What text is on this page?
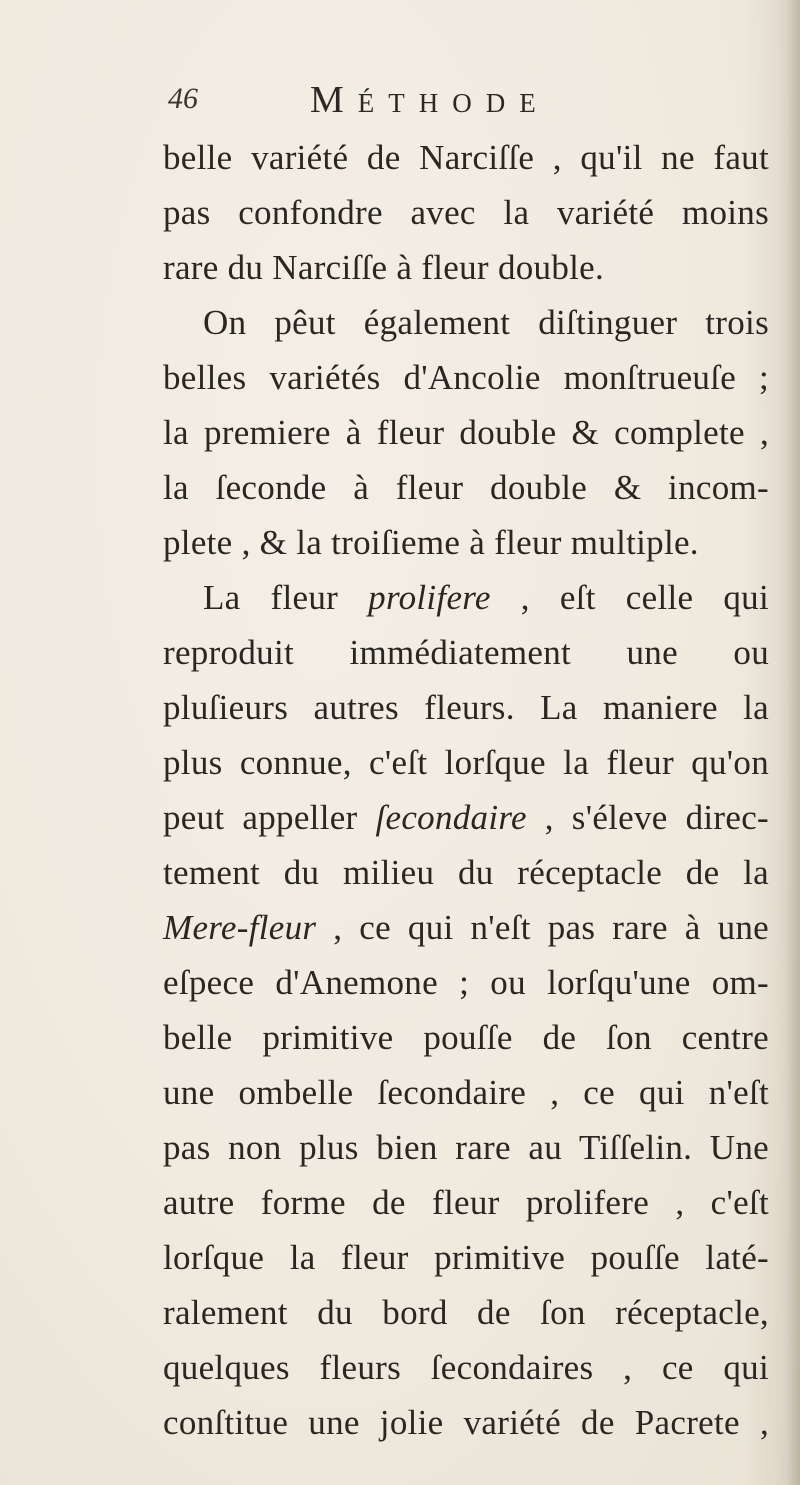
46	Méthode
belle variété de Narciſſe , qu'il ne faut
pas confondre avec la variété moins
rare du Narciſſe à fleur double.
On pêut également diſtinguer trois
belles variétés d'Ancolie monſtrueuſe ;
la premiere à fleur double & complete ,
la ſeconde à fleur double & incom-
plete , & la troiſieme à fleur multiple.
La fleur prolifere , eſt celle qui
reproduit immédiatement une ou
pluſieurs autres fleurs. La maniere la
plus connue, c'eſt lorſque la fleur qu'on
peut appeller ſecondaire , s'éleve direc-
tement du milieu du réceptacle de la
Mere-fleur , ce qui n'eſt pas rare à une
eſpece d'Anemone ; ou lorſqu'une om-
belle primitive pouſſe de ſon centre
une ombelle ſecondaire , ce qui n'eſt
pas non plus bien rare au Tiſſelin. Une
autre forme de fleur prolifere , c'eſt
lorſque la fleur primitive pouſſe laté-
ralement du bord de ſon réceptacle,
quelques fleurs ſecondaires , ce qui
conſtitue une jolie variété de Pacrete ,
